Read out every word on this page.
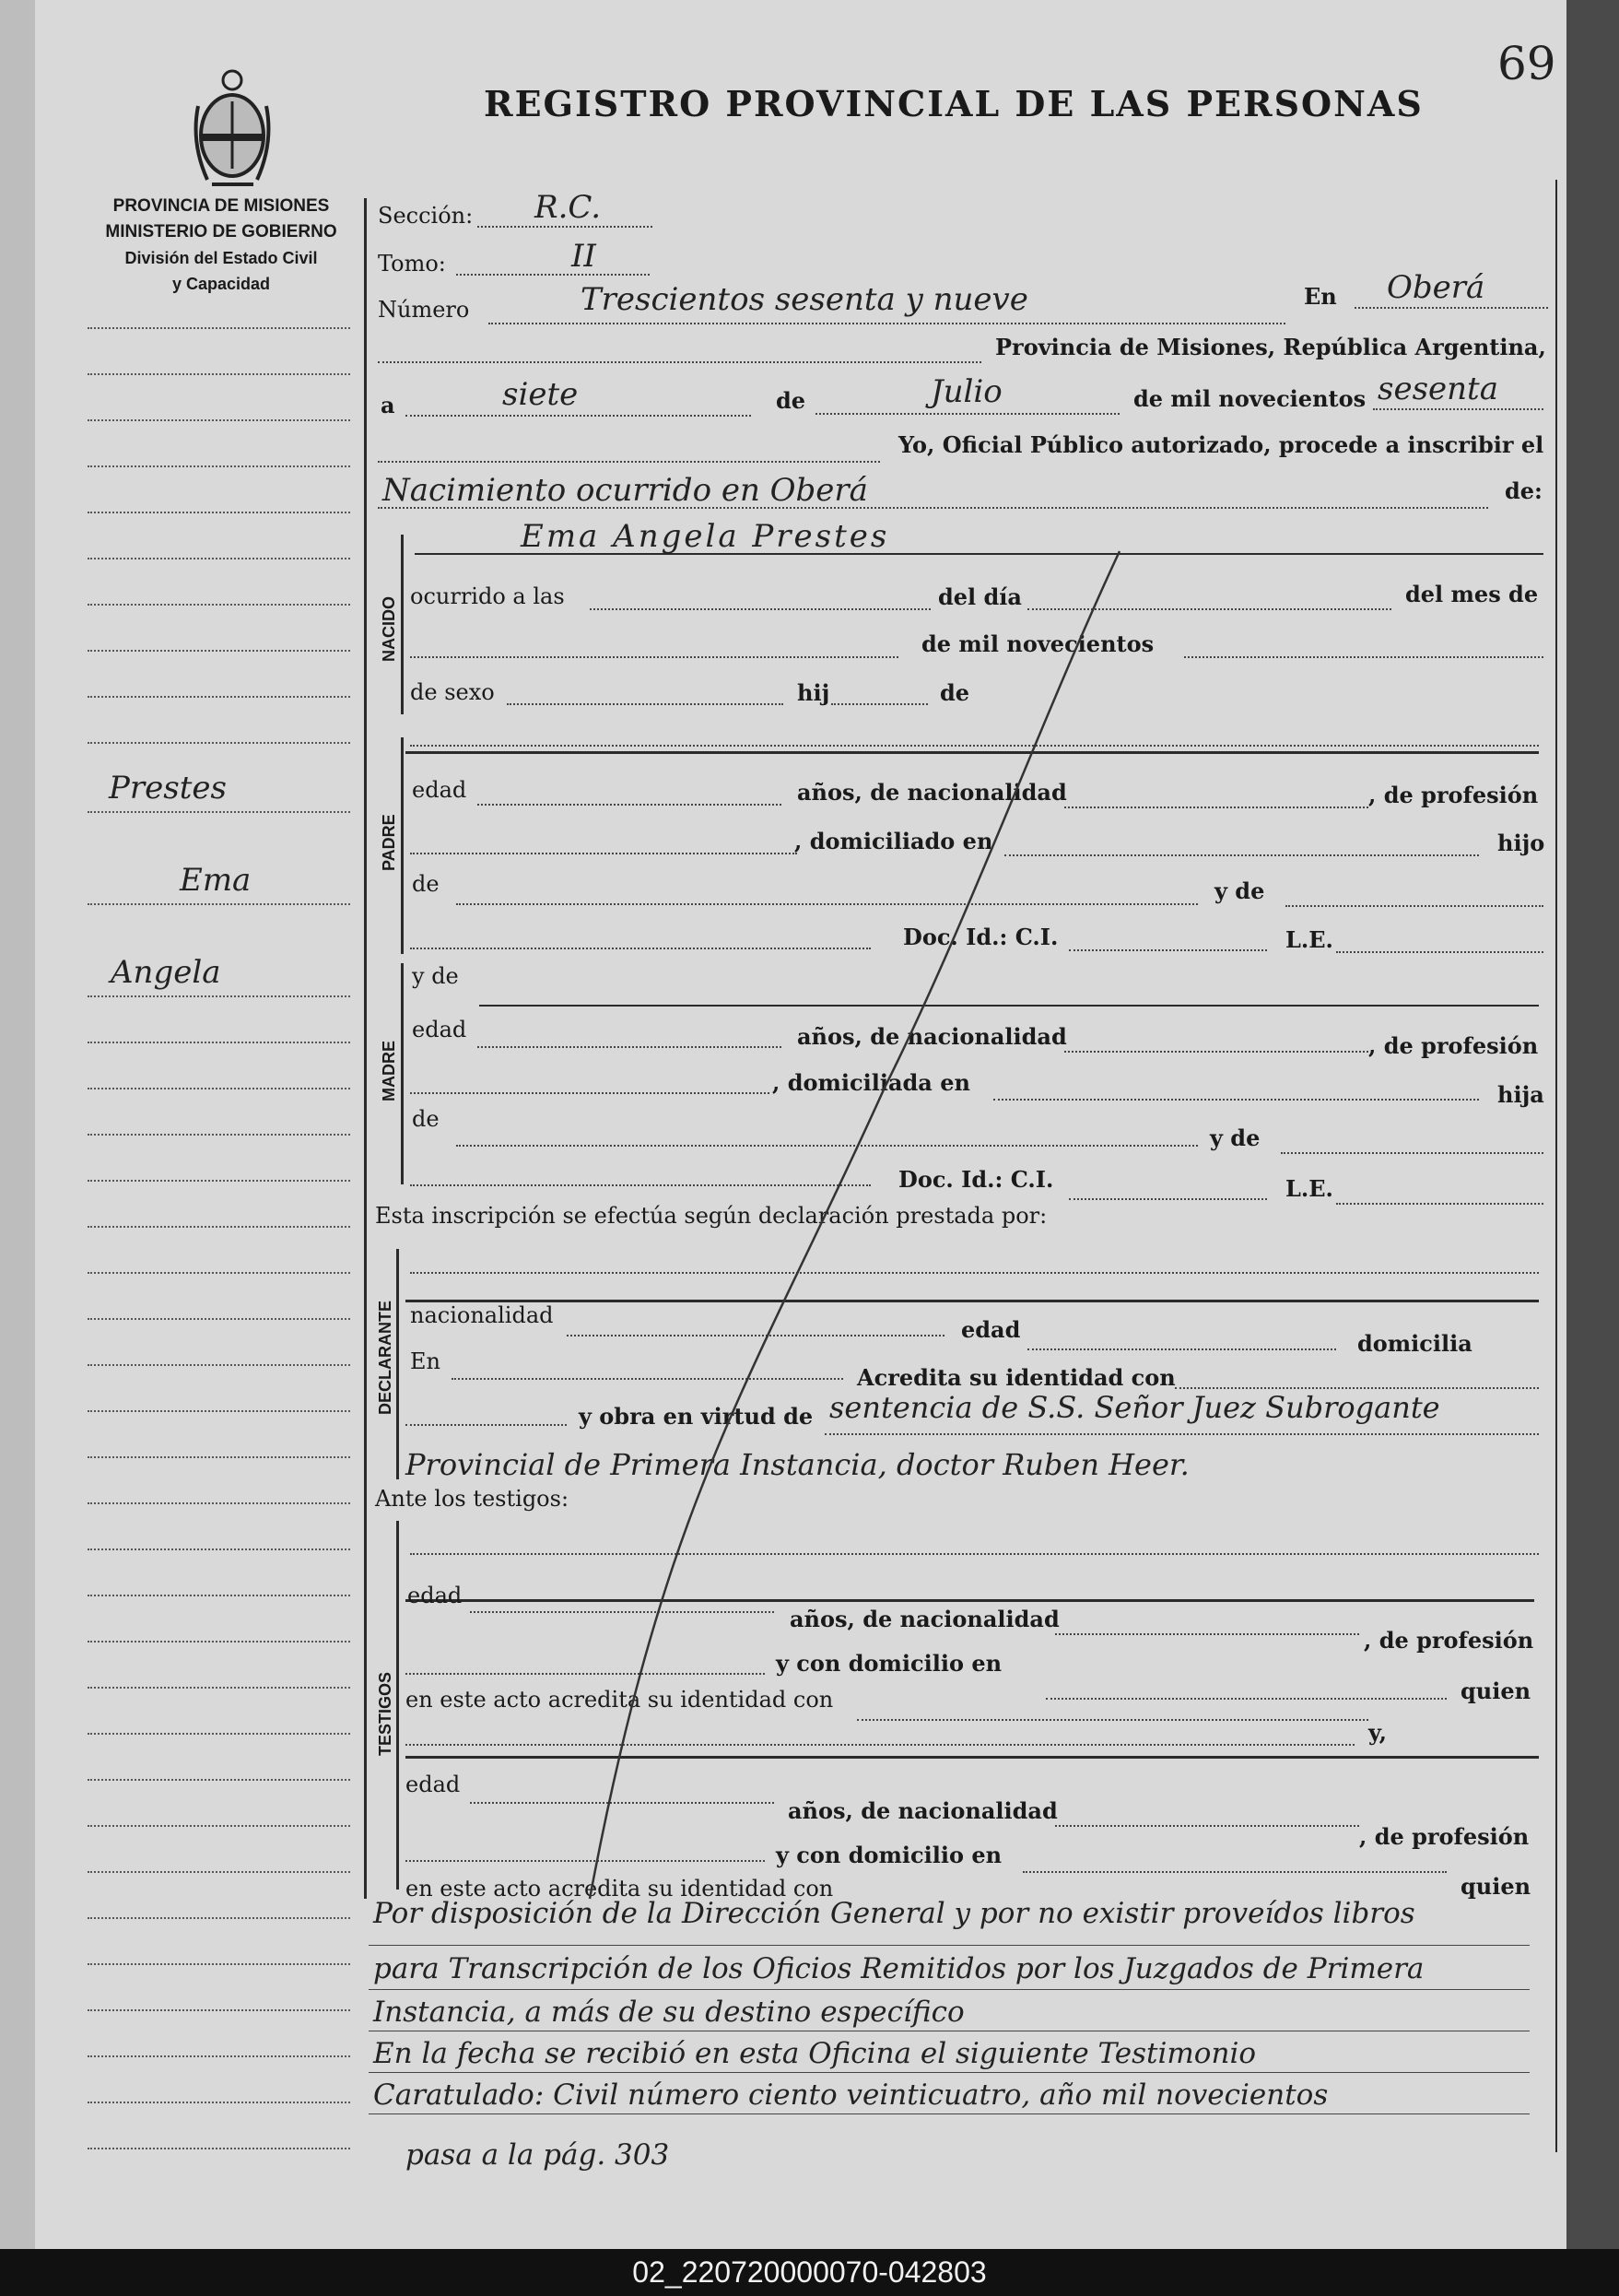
69
REGISTRO PROVINCIAL DE LAS PERSONAS
PROVINCIA DE MISIONES
MINISTERIO DE GOBIERNO
División del Estado Civil
y Capacidad
Prestes
Ema
Angela
Sección: R.C.
Tomo:	II
Número	Trescientos sesenta y nueve	En Oberá
Provincia de Misiones, República Argentina,
a	siete	de	Julio	de mil novecientos sesenta
Yo, Oficial Público autorizado, procede a inscribir el
Nacimiento ocurrido en Oberá	de:
NACIDO
Ema Angela Prestes
ocurrido a las	del día	del mes de
de mil novecientos
de sexo	hij	de
PADRE
edad	años, de nacionalidad	, de profesión
, domiciliado en	hijo
de	y de
Doc. Id.: C.I.	L.E.
MADRE
y de
edad	años, de nacionalidad	, de profesión
, domiciliada en	hija
de
y de
Doc. Id.: C.I.	L.E.
Esta inscripción se efectúa según declaración prestada por:
DECLARANTE nacionalidad
edad
domicilia
En
Acredita su identidad con
y obra en virtud de sentencia de S.S. Señor Juez Subrogante
Provincial de Primera Instancia, doctor Ruben Heer.
Ante los testigos:
TESTIGOS
edad
años, de nacionalidad
, de profesión
y con domicilio en
quien
en este acto acredita su identidad con
y,
edad
años, de nacionalidad
, de profesión
y con domicilio en
quien
en este acto acredita su identidad con
Por disposición de la Dirección General y por no existir proveídos libros
para Transcripción de los Oficios Remitidos por los Juzgados de Primera
Instancia, a más de su destino específico
En la fecha se recibió en esta Oficina el siguiente Testimonio
Caratulado: Civil número ciento veinticuatro, año mil novecientos
pasa a la pág. 303
02_220720000070-042803
